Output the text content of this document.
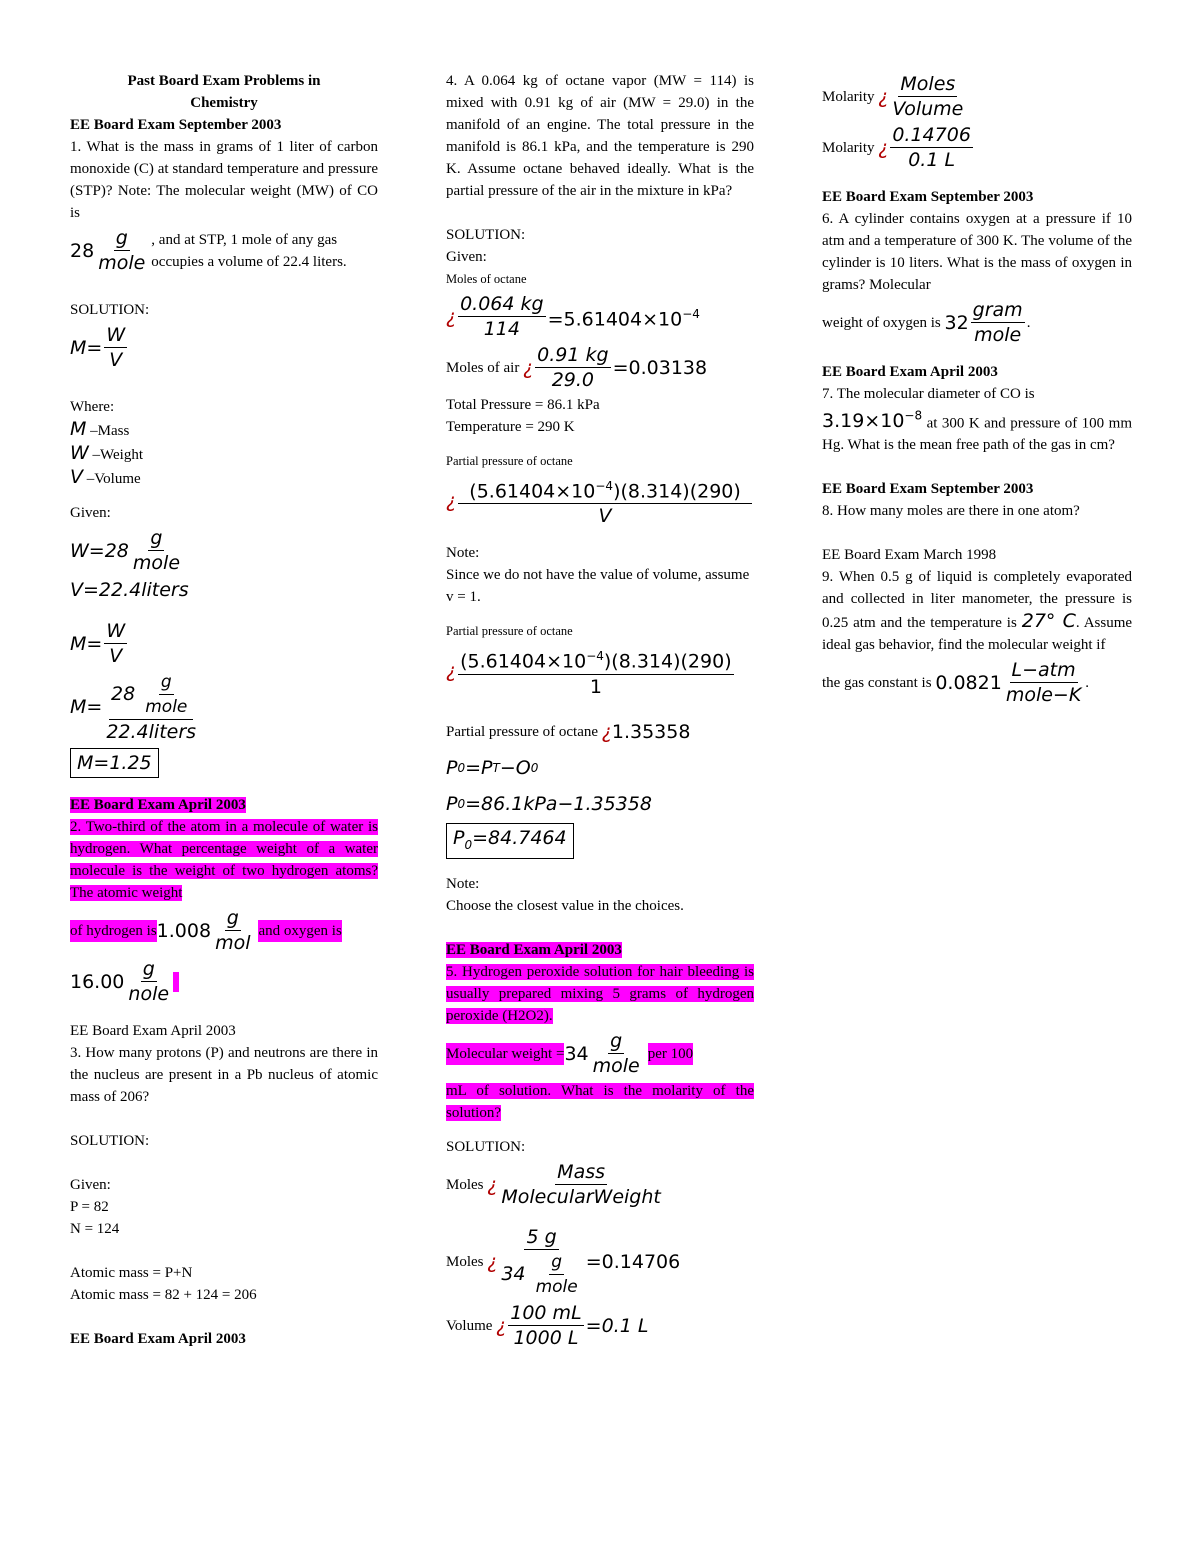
Past Board Exam Problems in
Chemistry

EE Board Exam September 2003

1. What is the mass in grams of 1 liter of carbon monoxide (C) at standard temperature and pressure (STP)? Note: The molecular weight (MW) of CO is

$28 \frac{g}{\text{mole}}$ , and at STP, 1 mole of any gas occupies a volume of 22.4 liters.

SOLUTION:

$M = \frac{W}{V}$

Where:

M –Mass

W –Weight

V –Volume

Given:

$W = 28 \frac{g}{\text{mole}}$
V = 22.4 liters
$M = \frac{W}{V}$
$M = \frac{28 \frac{g}{\text{mole}}}{\text{22.4liters}}$
M=1.25

EE Board Exam April 2003

2. Two-third of the atom in a molecule of water is hydrogen. What percentage weight of a water molecule is the weight of two hydrogen atoms? The atomic weight

of hydrogen is $1.008 \frac{g}{\text{mol}}$ and oxygen is
$16.00 \frac{g}{\text{nole}}$

EE Board Exam April 2003

3. How many protons (P) and neutrons are there in the nucleus are present in a Pb nucleus of atomic mass of 206?

SOLUTION:

Given:

P = 82

N = 124

Atomic mass = P+N

Atomic mass = 82 + 124 = 206

EE Board Exam April 2003

4. A 0.064 kg of octane vapor (MW = 114) is mixed with 0.91 kg of air (MW = 29.0) in the manifold of an engine. The total pressure in the manifold is 86.1 kPa, and the temperature is 290 K. Assume octane behaved ideally. What is the partial pressure of the air in the mixture in kPa?

SOLUTION:

Given:

Moles of octane

¿ $\frac{0.064 kg}{114} =5.61404\times 10^{-4}$
Moles of air
¿ $\frac{0.91 kg}{29.0} =0.03138$

Total Pressure = 86.1 kPa

Temperature = 290 K

Partial pressure of octane

¿ $\frac{(5.61404\times 10^{-4})(8.314)(290)}{V}$

Note:

Since we do not have the value of volume, assume v = 1.

Partial pressure of octane

¿ $\frac{(5.61404\times 10^{-4})(8.314)(290)}{1}$
Partial pressure of octane
¿ 1.35358
P 0 =P T −O 0
P 0 =86.1kPa−1.35358
$P_0=84.7464$

Note:

Choose the closest value in the choices.

EE Board Exam April 2003

5. Hydrogen peroxide solution for hair bleeding is usually prepared mixing 5 grams of hydrogen peroxide (H2O2).

Molecular weight = $34 \frac{g}{\text{mole}}$ per 100

mL of solution. What is the molarity of the solution?

SOLUTION:

Moles
¿ $\frac{\text{Mass}}{\text{MolecularWeight}}$
Moles
¿ $\frac{5 g}{34 \frac{g}{\text{mole}}} =0.14706$
Volume
¿ $\frac{100 mL}{1000 L} =0.1$ L
Molarity
¿ $\frac{\text{Moles}}{\text{Volume}}$
Molarity
¿ $\frac{0.14706}{0.1 L}$

EE Board Exam September 2003

6. A cylinder contains oxygen at a pressure if 10 atm and a temperature of 300 K. The volume of the cylinder is 10 liters. What is the mass of oxygen in grams? Molecular

weight of oxygen is
$32 \frac{\text{gram}}{\text{mole}}$ .

EE Board Exam April 2003

7. The molecular diameter of CO is

$3.19\times 10^{-8}$ at 300 K and pressure of 100 mm Hg. What is the mean free path of the gas in cm?

EE Board Exam September 2003

8. How many moles are there in one atom?

EE Board Exam March 1998

9. When 0.5 g of liquid is completely evaporated and collected in liter manometer, the pressure is 0.25 atm and the temperature is 27° C. Assume ideal gas behavior, find the molecular weight if

the gas constant is
$0.0821 \frac{\text{L−atm}}{\text{mole−K}}$ .
